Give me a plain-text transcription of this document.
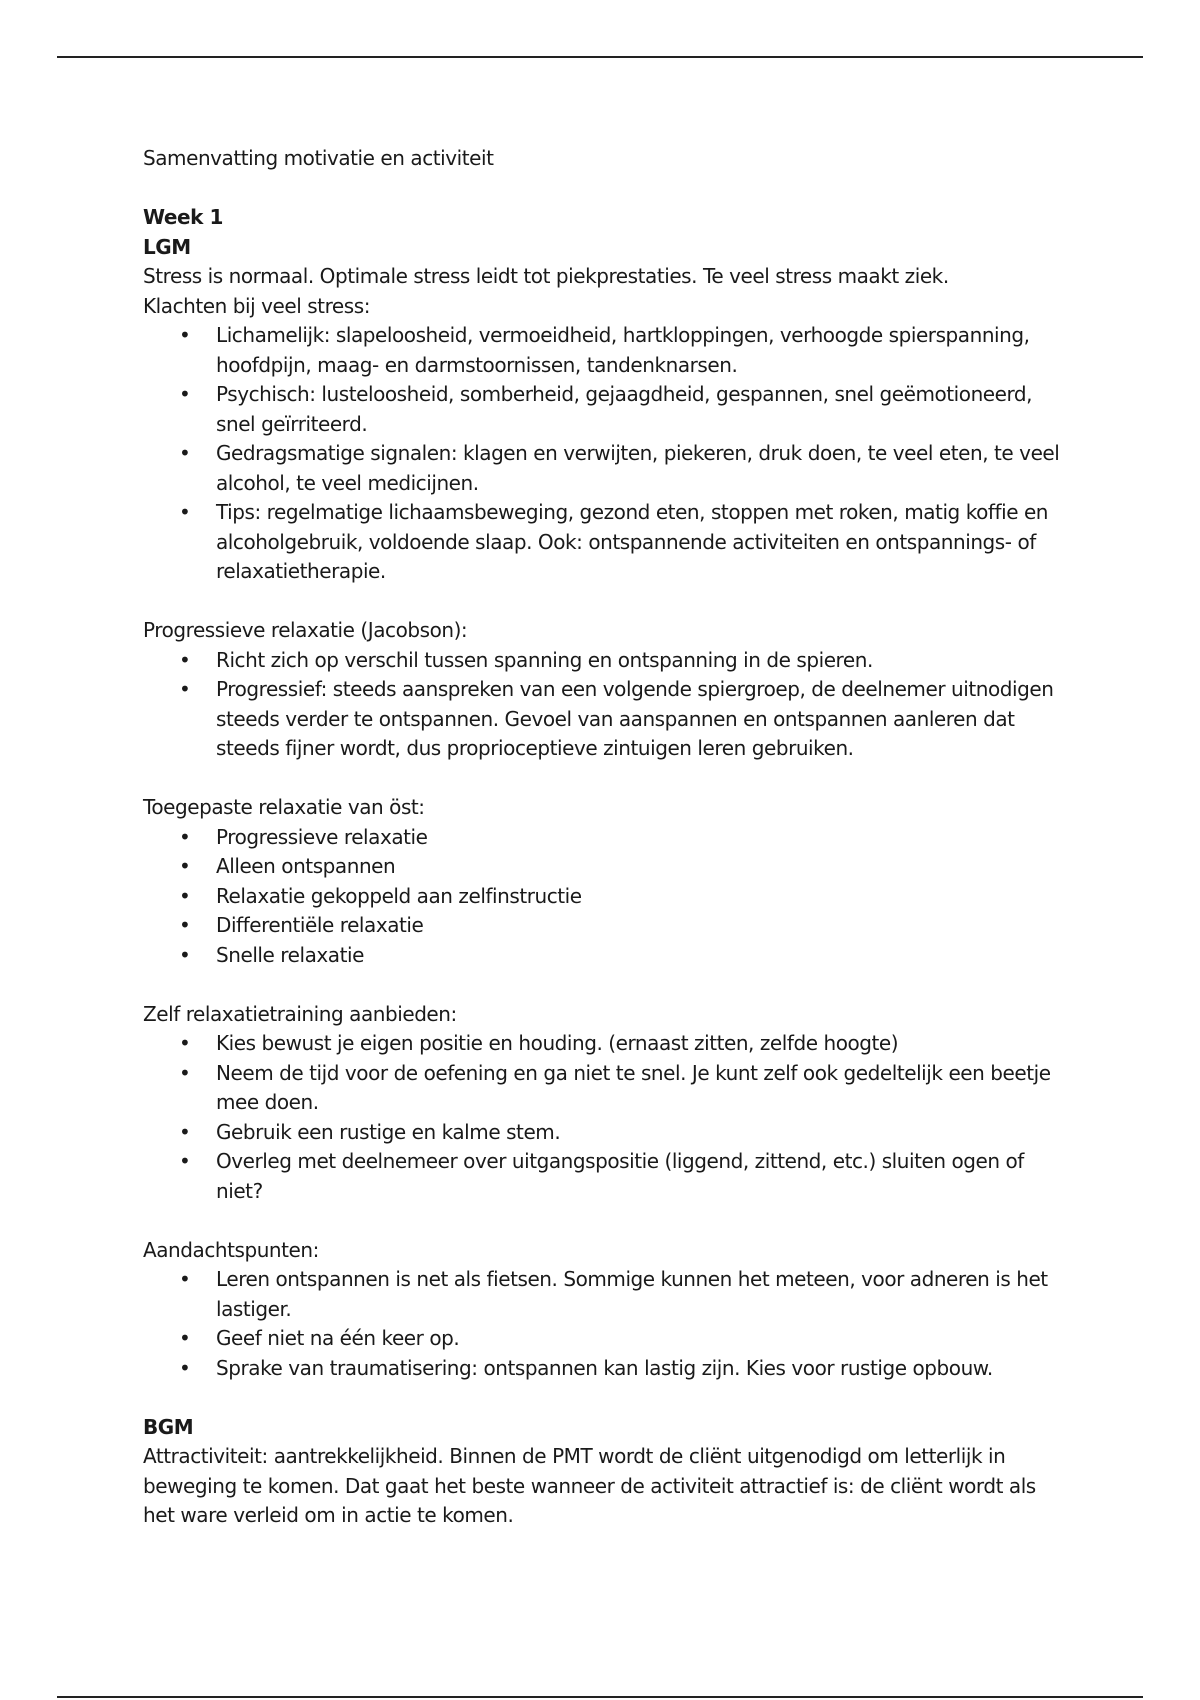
Samenvatting motivatie en activiteit

Week 1

LGM

Stress is normaal. Optimale stress leidt tot piekprestaties. Te veel stress maakt ziek.

Klachten bij veel stress:

• Lichamelijk: slapeloosheid, vermoeidheid, hartkloppingen, verhoogde spierspanning, hoofdpijn, maag- en darmstoornissen, tandenknarsen.
• Psychisch: lusteloosheid, somberheid, gejaagdheid, gespannen, snel geëmotioneerd, snel geïrriteerd.
• Gedragsmatige signalen: klagen en verwijten, piekeren, druk doen, te veel eten, te veel alcohol, te veel medicijnen.
• Tips: regelmatige lichaamsbeweging, gezond eten, stoppen met roken, matig koffie en alcoholgebruik, voldoende slaap. Ook: ontspannende activiteiten en ontspannings- of relaxatietherapie.

Progressieve relaxatie (Jacobson):

• Richt zich op verschil tussen spanning en ontspanning in de spieren.
• Progressief: steeds aanspreken van een volgende spiergroep, de deelnemer uitnodigen steeds verder te ontspannen. Gevoel van aanspannen en ontspannen aanleren dat steeds fijner wordt, dus proprioceptieve zintuigen leren gebruiken.

Toegepaste relaxatie van öst:

• Progressieve relaxatie
• Alleen ontspannen
• Relaxatie gekoppeld aan zelfinstructie
• Differentiële relaxatie
• Snelle relaxatie

Zelf relaxatietraining aanbieden:

• Kies bewust je eigen positie en houding. (ernaast zitten, zelfde hoogte)
• Neem de tijd voor de oefening en ga niet te snel. Je kunt zelf ook gedeltelijk een beetje mee doen.
• Gebruik een rustige en kalme stem.
• Overleg met deelnemeer over uitgangspositie (liggend, zittend, etc.) sluiten ogen of niet?

Aandachtspunten:

• Leren ontspannen is net als fietsen. Sommige kunnen het meteen, voor adneren is het lastiger.
• Geef niet na één keer op.
• Sprake van traumatisering: ontspannen kan lastig zijn. Kies voor rustige opbouw.

BGM

Attractiviteit: aantrekkelijkheid. Binnen de PMT wordt de cliënt uitgenodigd om letterlijk in beweging te komen. Dat gaat het beste wanneer de activiteit attractief is: de cliënt wordt als het ware verleid om in actie te komen.
